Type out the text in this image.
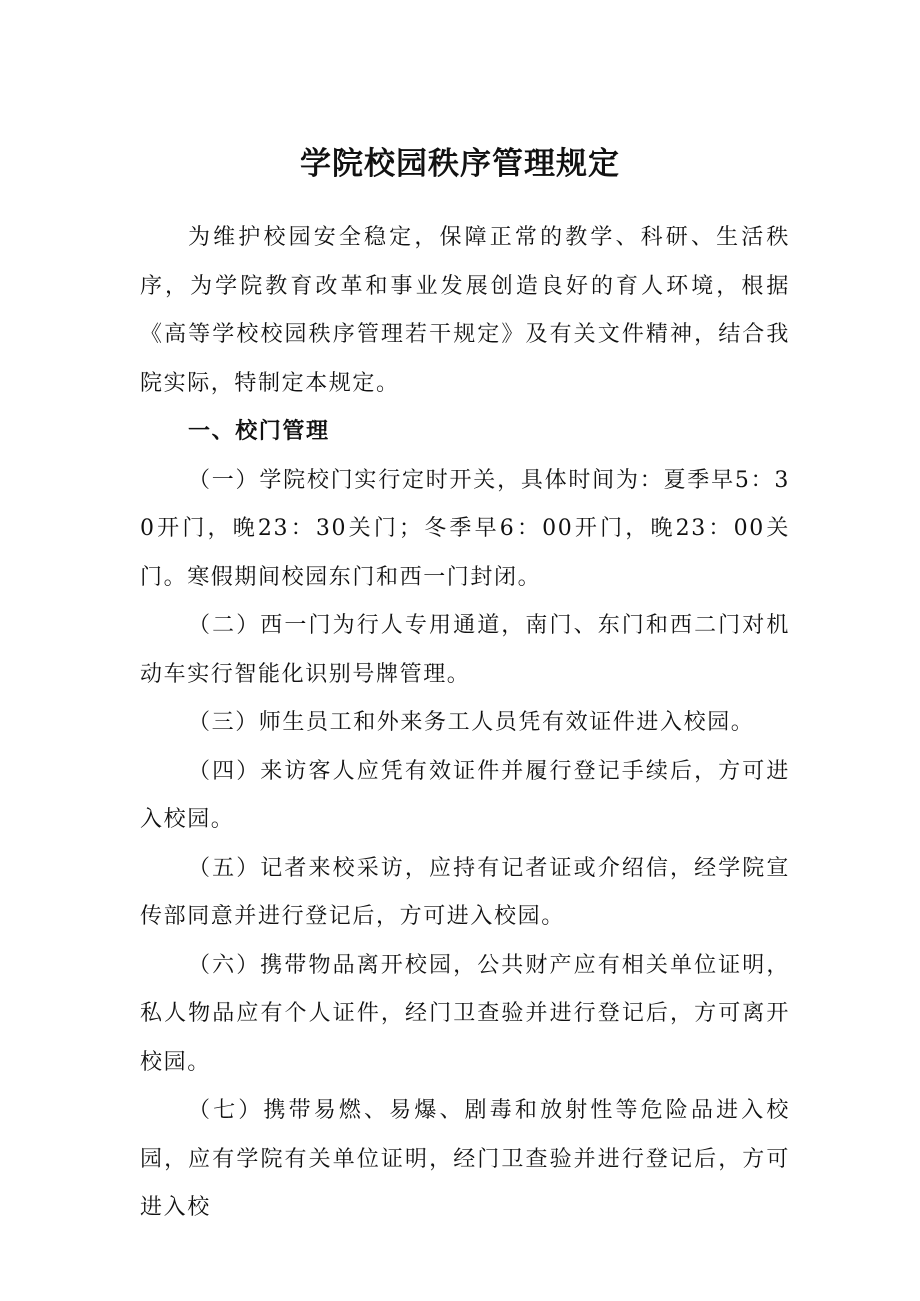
学院校园秩序管理规定

为维护校园安全稳定，保障正常的教学、科研、生活秩序，为学院教育改革和事业发展创造良好的育人环境，根据《高等学校校园秩序管理若干规定》及有关文件精神，结合我院实际，特制定本规定。

一、校门管理

（一）学院校门实行定时开关，具体时间为：夏季早5：30开门，晚23：30关门；冬季早6：00开门，晚23：00关门。寒假期间校园东门和西一门封闭。

（二）西一门为行人专用通道，南门、东门和西二门对机动车实行智能化识别号牌管理。

（三）师生员工和外来务工人员凭有效证件进入校园。

（四）来访客人应凭有效证件并履行登记手续后，方可进入校园。

（五）记者来校采访，应持有记者证或介绍信，经学院宣传部同意并进行登记后，方可进入校园。

（六）携带物品离开校园，公共财产应有相关单位证明，私人物品应有个人证件，经门卫查验并进行登记后，方可离开校园。

（七）携带易燃、易爆、剧毒和放射性等危险品进入校园，应有学院有关单位证明，经门卫查验并进行登记后，方可进入校
